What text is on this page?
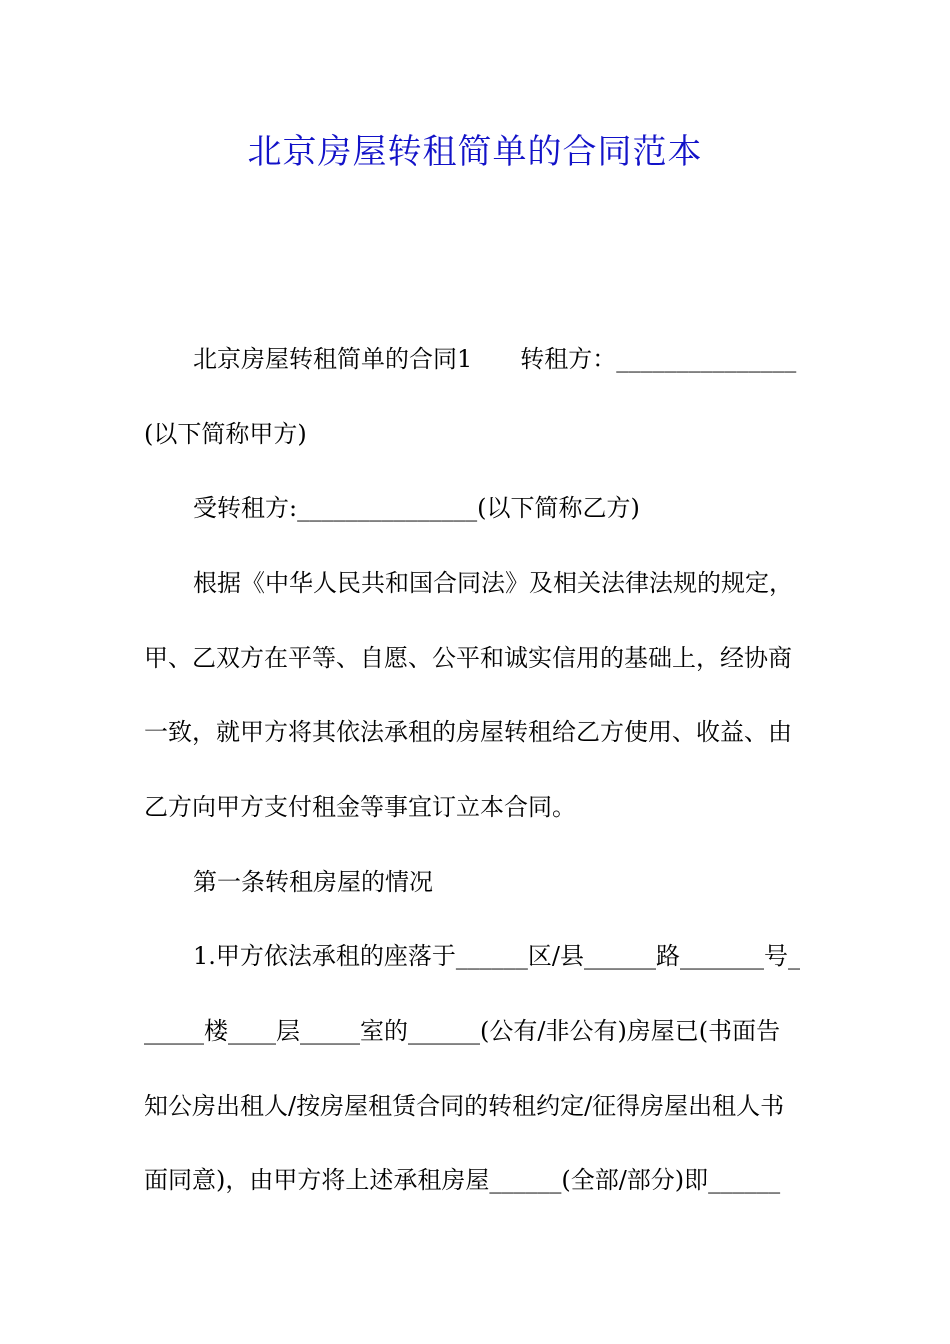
北京房屋转租简单的合同范本
北京房屋转租简单的合同1 转租方：_______________
(以下简称甲方)
受转租方:_______________(以下简称乙方)
根据《中华人民共和国合同法》及相关法律法规的规定，
甲、乙双方在平等、自愿、公平和诚实信用的基础上，经协商
一致，就甲方将其依法承租的房屋转租给乙方使用、收益、由
乙方向甲方支付租金等事宜订立本合同。
第一条转租房屋的情况
1.甲方依法承租的座落于______区/县______路_______号_
_____楼____层_____室的______(公有/非公有)房屋已(书面告
知公房出租人/按房屋租赁合同的转租约定/征得房屋出租人书
面同意)，由甲方将上述承租房屋______(全部/部分)即______
